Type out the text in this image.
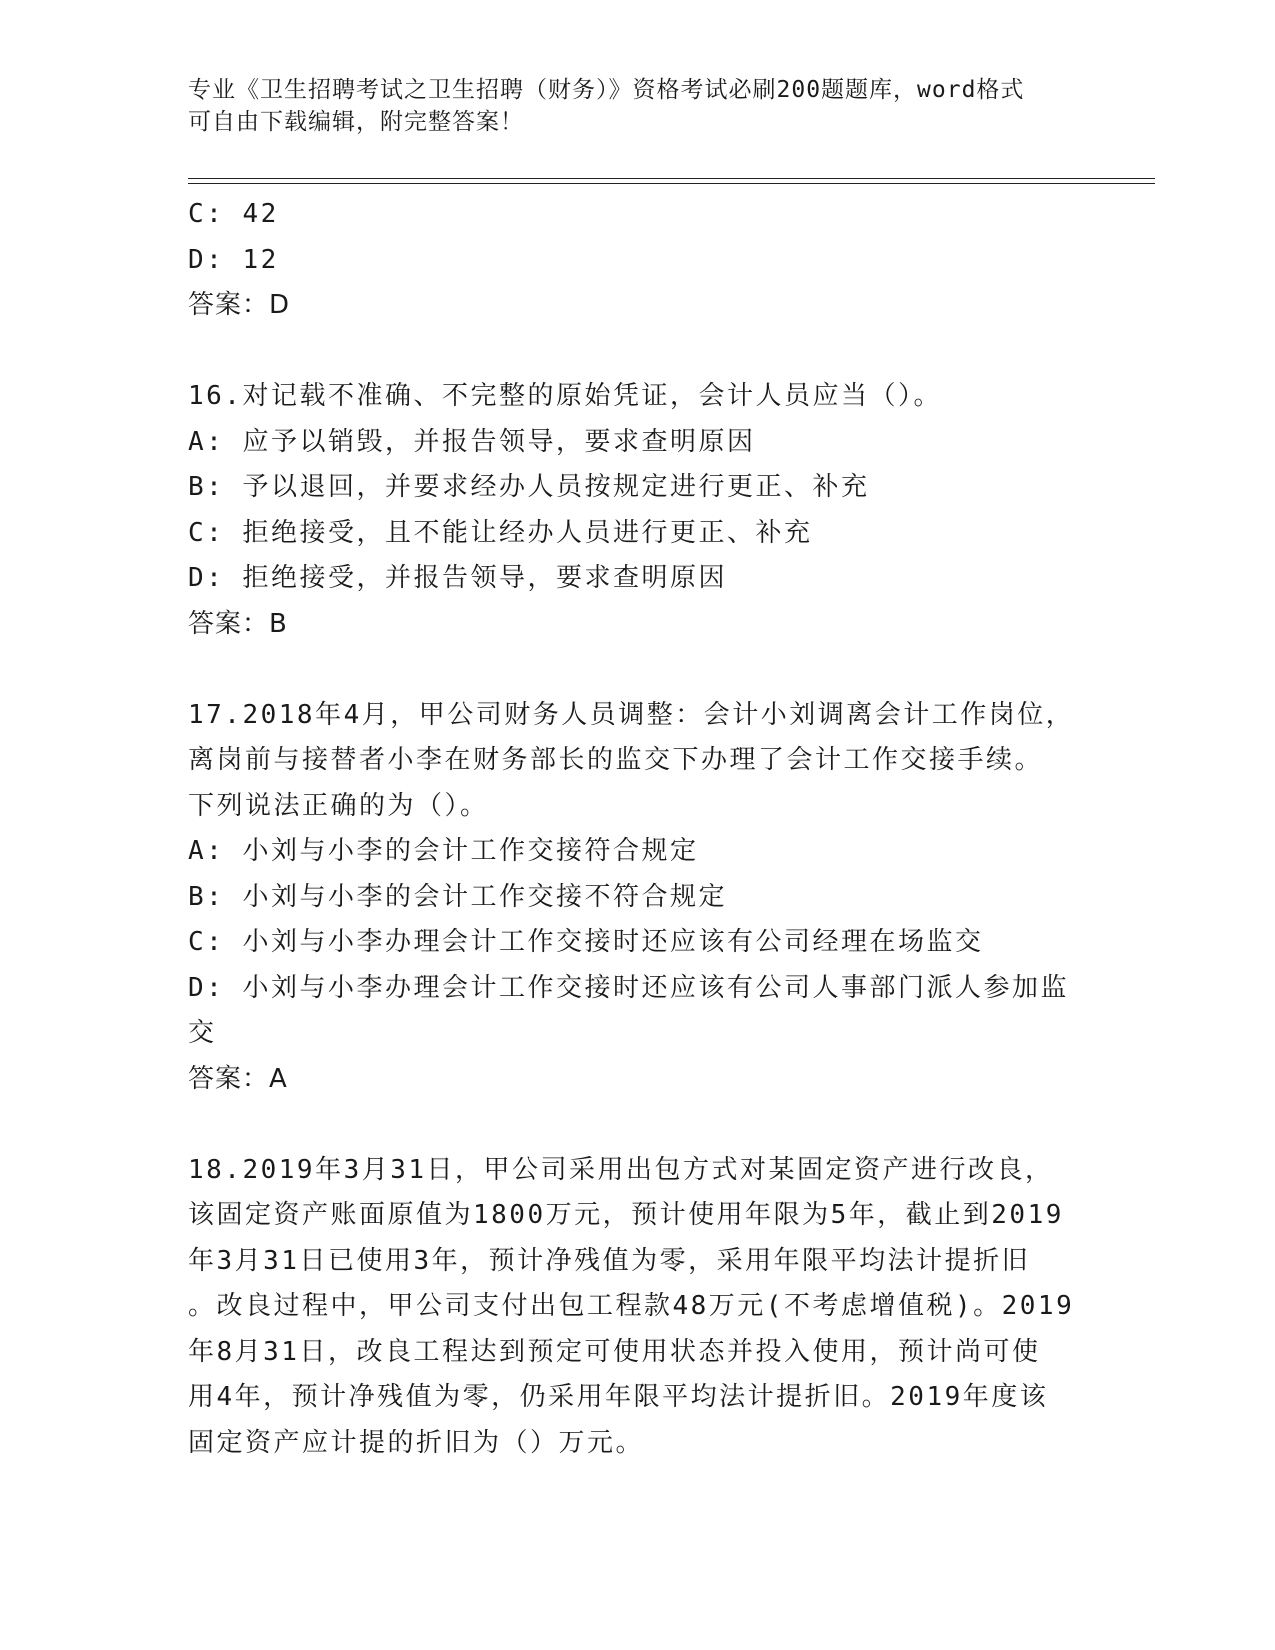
专业《卫生招聘考试之卫生招聘（财务）》资格考试必刷200题题库，word格式
可自由下载编辑，附完整答案！
C: 42
D: 12
答案：D
16.对记载不准确、不完整的原始凭证，会计人员应当（）。
A: 应予以销毁，并报告领导，要求查明原因
B: 予以退回，并要求经办人员按规定进行更正、补充
C: 拒绝接受，且不能让经办人员进行更正、补充
D: 拒绝接受，并报告领导，要求查明原因
答案：B
17.2018年4月，甲公司财务人员调整：会计小刘调离会计工作岗位，
离岗前与接替者小李在财务部长的监交下办理了会计工作交接手续。
下列说法正确的为（）。
A: 小刘与小李的会计工作交接符合规定
B: 小刘与小李的会计工作交接不符合规定
C: 小刘与小李办理会计工作交接时还应该有公司经理在场监交
D: 小刘与小李办理会计工作交接时还应该有公司人事部门派人参加监
交
答案：A
18.2019年3月31日，甲公司采用出包方式对某固定资产进行改良，
该固定资产账面原值为1800万元，预计使用年限为5年，截止到2019
年3月31日已使用3年，预计净残值为零，采用年限平均法计提折旧
。改良过程中，甲公司支付出包工程款48万元(不考虑增值税)。2019
年8月31日，改良工程达到预定可使用状态并投入使用，预计尚可使
用4年，预计净残值为零，仍采用年限平均法计提折旧。2019年度该
固定资产应计提的折旧为（）万元。
